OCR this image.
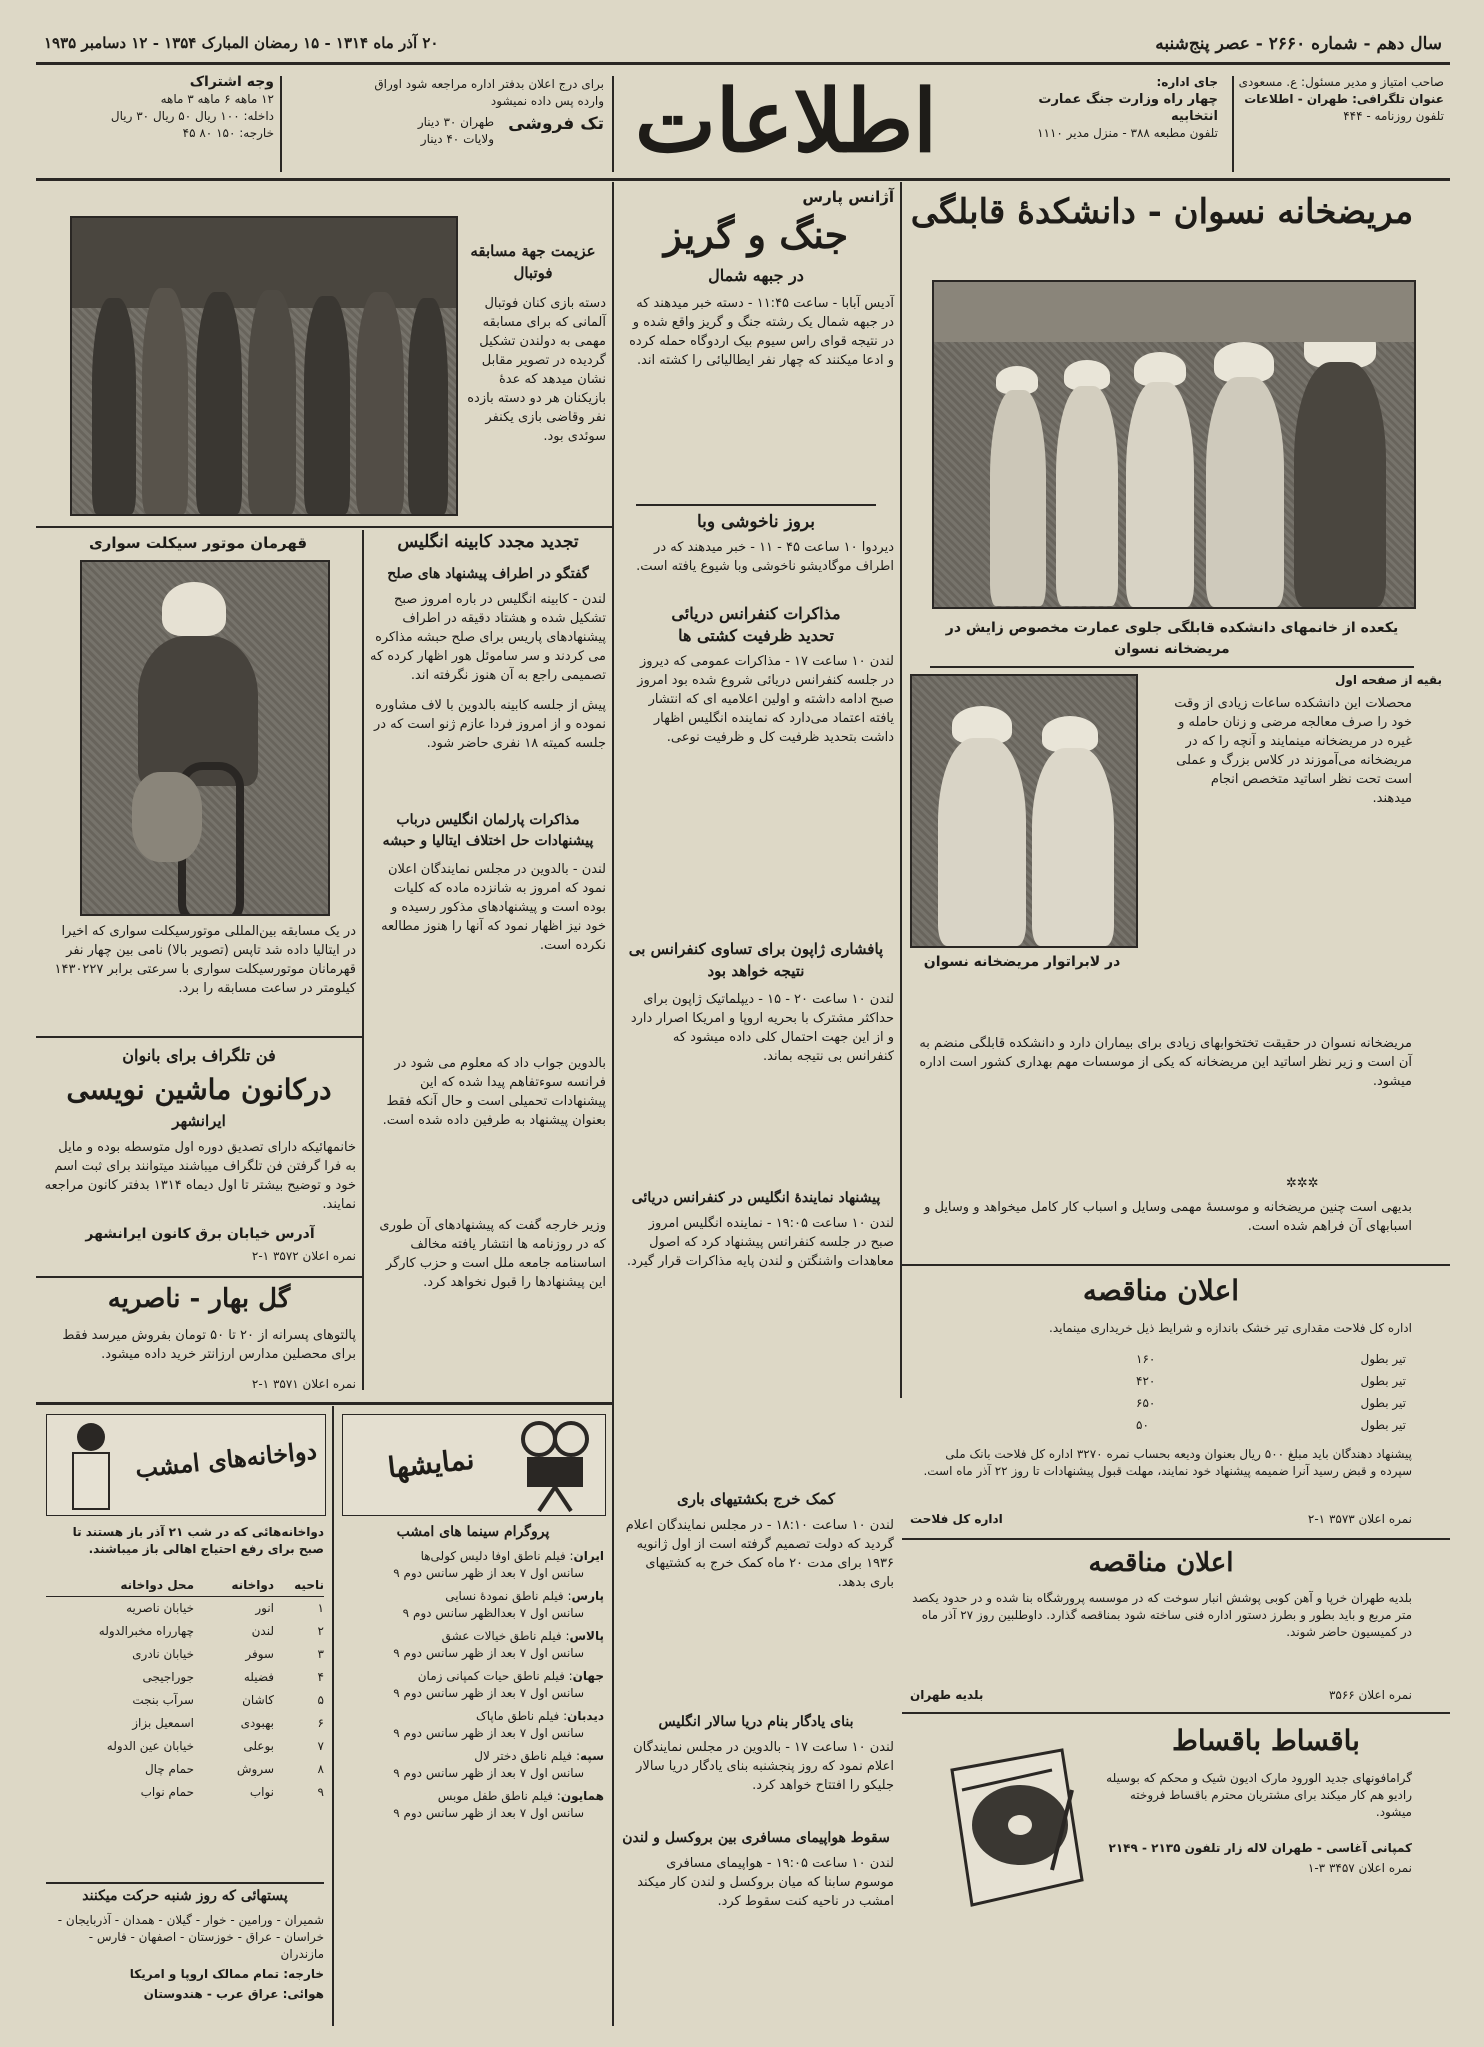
سال دهم - شماره ۲۶۶۰ - عصر پنج‌شنبه
۲۰ آذر ماه ۱۳۱۴ - ۱۵ رمضان المبارک ۱۳۵۴ - ۱۲ دسامبر ۱۹۳۵
صاحب امتیاز و مدیر مسئول: ع. مسعودی
عنوان تلگرافی: طهران - اطلاعات
تلفون روزنامه - ۴۴۴
جای اداره:
چهار راه وزارت جنگ عمارت انتخابیه
تلفون مطبعه ۳۸۸ - منزل مدیر ۱۱۱۰
اطلاعات
برای درج اعلان بدفتر اداره مراجعه شود اوراق وارده پس داده نمیشود
تک فروشی
طهران ۳۰ دینار
ولایات ۴۰ دینار
وجه اشتراک
۱۲ ماهه ۶ ماهه ۳ ماهه
داخله: ۱۰۰ ریال ۵۰ ریال ۳۰ ریال
خارجه: ۱۵۰ ۸۰ ۴۵
مریضخانه نسوان - دانشکدهٔ قابلگی
یکعده از خانمهای دانشکده قابلگی جلوی عمارت مخصوص زایش در مریضخانه نسوان
بقیه از صفحه اول
محصلات این دانشکده ساعات زیادی از وقت خود را صرف معالجه مرضی و زنان حامله و غیره در مریضخانه مینمایند و آنچه را که در مریضخانه می‌آموزند در کلاس بزرگ و عملی است تحت نظر اساتید متخصص انجام میدهند.
در لابراتوار مریضخانه نسوان
مریضخانه نسوان در حقیقت تختخوابهای زیادی برای بیماران دارد و دانشکده قابلگی منضم به آن است و زیر نظر اساتید این مریضخانه که یکی از موسسات مهم بهداری کشور است اداره میشود.
✲✲✲
بدیهی است چنین مریضخانه و موسسهٔ مهمی وسایل و اسباب کار کامل میخواهد و وسایل و اسبابهای آن فراهم شده است.
اعلان مناقصه
اداره کل فلاحت مقداری تیر خشک باندازه و شرایط ذیل خریداری مینماید.
تیر بطول
۱۶۰
تیر بطول
۴۲۰
تیر بطول
۶۵۰
تیر بطول
۵۰
پیشنهاد دهندگان باید مبلغ ۵۰۰ ریال بعنوان ودیعه بحساب نمره ۳۲۷۰ اداره کل فلاحت بانک ملی سپرده و قبض رسید آنرا ضمیمه پیشنهاد خود نمایند، مهلت قبول پیشنهادات تا روز ۲۲ آذر ماه است.
اداره کل فلاحت	نمره اعلان ۳۵۷۳ ۱-۲
اعلان مناقصه
بلدیه طهران خرپا و آهن کوبی پوشش انبار سوخت که در موسسه پرورشگاه بنا شده و در حدود یکصد متر مربع و باید بطور و بطرز دستور اداره فنی ساخته شود بمناقصه گذارد. داوطلبین روز ۲۷ آذر ماه در کمیسیون حاضر شوند.
بلدیه طهران	نمره اعلان ۳۵۶۶
باقساط باقساط
گرامافونهای جدید الورود مارک ادیون شیک و محکم که بوسیله رادیو هم کار میکند برای مشتریان محترم باقساط فروخته میشود.
کمپانی آغاسی - طهران لاله زار تلفون ۲۱۳۵ - ۲۱۴۹
نمره اعلان ۳۴۵۷ ۳-۱
آژانس پارس
جنگ و گریز
در جبهه شمال
آدیس آبابا - ساعت ۱۱:۴۵ - دسته خبر میدهند که در جبهه شمال یک رشته جنگ و گریز واقع شده و در نتیجه قوای راس سیوم بیک اردوگاه حمله کرده و ادعا میکنند که چهار نفر ایطالیائی را کشته اند.
بروز ناخوشی وبا
دیردوا ۱۰ ساعت ۴۵ - ۱۱ - خبر میدهند که در اطراف موگادیشو ناخوشی وبا شیوع یافته است.
مذاکرات کنفرانس دریائی
تحدید ظرفیت کشتی ها
لندن ۱۰ ساعت ۱۷ - مذاکرات عمومی که دیروز در جلسه کنفرانس دریائی شروع شده بود امروز صبح ادامه داشته و اولین اعلامیه ای که انتشار یافته اعتماد می‌دارد که نماینده انگلیس اظهار داشت بتحدید ظرفیت کل و ظرفیت نوعی.
پافشاری ژاپون برای تساوی کنفرانس بی نتیجه خواهد بود
لندن ۱۰ ساعت ۲۰ - ۱۵ - دیپلماتیک ژاپون برای حداکثر مشترک با بحریه اروپا و امریکا اصرار دارد و از این جهت احتمال کلی داده میشود که کنفرانس بی نتیجه بماند.
پیشنهاد نمایندهٔ انگلیس در کنفرانس دریائی
لندن ۱۰ ساعت ۱۹:۰۵ - نماینده انگلیس امروز صبح در جلسه کنفرانس پیشنهاد کرد که اصول معاهدات واشنگتن و لندن پایه مذاکرات قرار گیرد.
کمک خرج بکشتیهای باری
لندن ۱۰ ساعت ۱۸:۱۰ - در مجلس نمایندگان اعلام گردید که دولت تصمیم گرفته است از اول ژانویه ۱۹۳۶ برای مدت ۲۰ ماه کمک خرج به کشتیهای باری بدهد.
بنای یادگار بنام دریا سالار انگلیس
لندن ۱۰ ساعت ۱۷ - بالدوین در مجلس نمایندگان اعلام نمود که روز پنجشنبه بنای یادگار دریا سالار جلیکو را افتتاح خواهد کرد.
سقوط هواپیمای مسافری بین بروکسل و لندن
لندن ۱۰ ساعت ۱۹:۰۵ - هواپیمای مسافری موسوم سابنا که میان بروکسل و لندن کار میکند امشب در ناحیه کنت سقوط کرد.
عزیمت جهة مسابقه فوتبال
دسته بازی کنان فوتبال آلمانی که برای مسابقه مهمی به دولندن تشکیل گردیده در تصویر مقابل نشان میدهد که عدهٔ بازیکنان هر دو دسته بازده نفر وقاضی بازی یکنفر سوئدی بود.
تجدید مجدد کابینه انگلیس
گفتگو در اطراف پیشنهاد های صلح
لندن - کابینه انگلیس در باره امروز صبح تشکیل شده و هشتاد دقیقه در اطراف پیشنهادهای پاریس برای صلح حبشه مذاکره می کردند و سر ساموئل هور اظهار کرده که تصمیمی راجع به آن هنوز نگرفته اند.
پیش از جلسه کابینه بالدوین با لاف مشاوره نموده و از امروز فردا عازم ژنو است که در جلسه کمیته ۱۸ نفری حاضر شود.
مذاکرات پارلمان انگلیس درباب پیشنهادات حل اختلاف ایتالیا و حبشه
لندن - بالدوین در مجلس نمایندگان اعلان نمود که امروز به شانزده ماده که کلیات بوده است و پیشنهادهای مذکور رسیده و خود نیز اظهار نمود که آنها را هنوز مطالعه نکرده است.
بالدوین جواب داد که معلوم می شود در فرانسه سوءتفاهم پیدا شده که این پیشنهادات تحمیلی است و حال آنکه فقط بعنوان پیشنهاد به طرفین داده شده است.
وزیر خارجه گفت که پیشنهادهای آن طوری که در روزنامه ها انتشار یافته مخالف اساسنامه جامعه ملل است و حزب کارگر این پیشنهادها را قبول نخواهد کرد.
قهرمان موتور سیکلت سواری
در یک مسابقه بین‌المللی موتورسیکلت سواری که اخیرا در ایتالیا داده شد تاپس (تصویر بالا) نامی بین چهار نفر قهرمانان موتورسیکلت سواری با سرعتی برابر ۱۴۳۰۲۲۷ کیلومتر در ساعت مسابقه را برد.
فن تلگراف برای بانوان
درکانون ماشین نویسی
ایرانشهر
خانمهائیکه دارای تصدیق دوره اول متوسطه بوده و مایل به فرا گرفتن فن تلگراف میباشند میتوانند برای ثبت اسم خود و توضیح بیشتر تا اول دیماه ۱۳۱۴ بدفتر کانون مراجعه نمایند.
آدرس خیابان برق کانون ایرانشهر
نمره اعلان ۳۵۷۲ ۱-۲
گل بهار - ناصریه
پالتوهای پسرانه از ۲۰ تا ۵۰ تومان بفروش میرسد فقط برای محصلین مدارس ارزانتر خرید داده میشود.
نمره اعلان ۳۵۷۱ ۱-۲
دواخانه‌های امشب
دواخانه‌هائی که در شب ۲۱ آذر باز هستند تا صبح برای رفع احتیاج اهالی باز میباشند.
ناحیه
دواخانه
محل دواخانه
۱
انور
خیابان ناصریه
۲
لندن
چهارراه مخبرالدوله
۳
سوفر
خیابان نادری
۴
فضیله
جوراجیجی
۵
کاشان
سرآب‌ بنجت
۶
بهبودی
اسمعیل بزاز
۷
بوعلی
خیابان عین الدوله
۸
سروش
حمام چال
۹
نواب
حمام نواب
پستهائی که روز شنبه حرکت میکنند
شمیران - ورامین - خوار - گیلان - همدان - آذربایجان - خراسان - عراق - خوزستان - اصفهان - فارس - مازندران
خارجه: تمام ممالک اروپا و امریکا
هوائی: عراق عرب - هندوستان
نمایشها
پروگرام سینما های امشب
ایران: فیلم ناطق اوفا دلیس کولی‌ها
سانس اول ۷ بعد از ظهر سانس دوم ۹
پارس: فیلم ناطق نمودهٔ نسایی
سانس اول ۷ بعدالظهر سانس دوم ۹
پالاس: فیلم ناطق خیالات عشق
سانس اول ۷ بعد از ظهر سانس دوم ۹
جهان: فیلم ناطق حیات کمپانی زمان
سانس اول ۷ بعد از ظهر سانس دوم ۹
دیدبان: فیلم ناطق ماپاک
سانس اول ۷ بعد از ظهر سانس دوم ۹
سپه: فیلم ناطق دختر لال
سانس اول ۷ بعد از ظهر سانس دوم ۹
همایون: فیلم ناطق طفل موبس
سانس اول ۷ بعد از ظهر سانس دوم ۹
